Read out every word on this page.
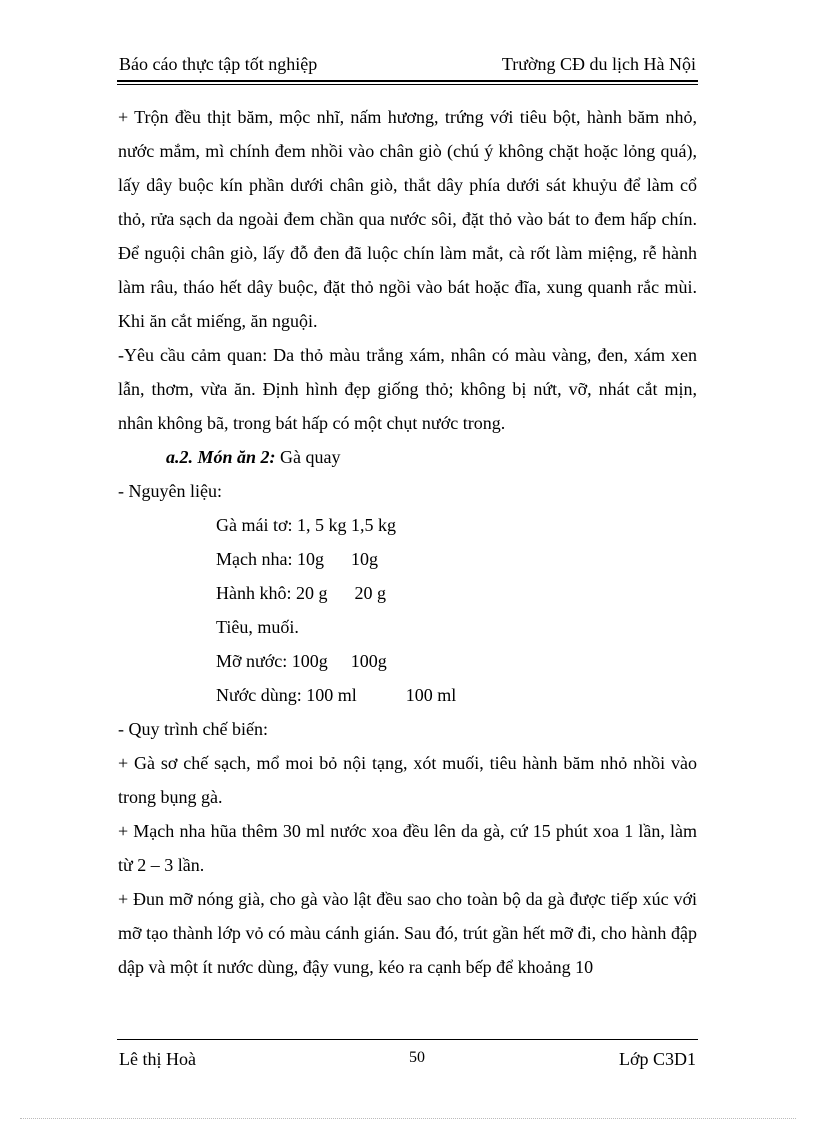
Báo cáo thực tập tốt nghiệp	Trường CĐ du lịch Hà Nội

+ Trộn đều thịt băm, mộc nhĩ, nấm hương, trứng với tiêu bột, hành băm nhỏ, nước mắm, mì chính đem nhồi vào chân giò (chú ý không chặt hoặc lỏng quá), lấy dây buộc kín phần dưới chân giò, thắt dây phía dưới sát khuỷu để làm cổ thỏ, rửa sạch da ngoài đem chần qua nước sôi, đặt thỏ vào bát to đem hấp chín. Để nguội chân giò, lấy đỗ đen đã luộc chín làm mắt, cà rốt làm miệng, rễ hành làm râu, tháo hết dây buộc, đặt thỏ ngồi vào bát hoặc đĩa, xung quanh rắc mùi. Khi ăn cắt miếng, ăn nguội.

-Yêu cầu cảm quan: Da thỏ màu trắng xám, nhân có màu vàng, đen, xám xen lẫn, thơm, vừa ăn. Định hình đẹp giống thỏ; không bị nứt, vỡ, nhát cắt mịn, nhân không bã, trong bát hấp có một chụt nước trong.

a.2. Món ăn 2: Gà quay

- Nguyên liệu:

Gà mái tơ: 1, 5 kg 1,5 kg

Mạch nha: 10g 10g

Hành khô: 20 g 20 g

Tiêu, muối.

Mỡ nước: 100g 100g

Nước dùng: 100 ml	100 ml

- Quy trình chế biến:

+ Gà sơ chế sạch, mổ moi bỏ nội tạng, xót muối, tiêu hành băm nhỏ nhồi vào trong bụng gà.

+ Mạch nha hũa thêm 30 ml nước xoa đều lên da gà, cứ 15 phút xoa 1 lần, làm từ 2 – 3 lần.

+ Đun mỡ nóng già, cho gà vào lật đều sao cho toàn bộ da gà được tiếp xúc với mỡ tạo thành lớp vỏ có màu cánh gián. Sau đó, trút gần hết mỡ đi, cho hành đập dập và một ít nước dùng, đậy vung, kéo ra cạnh bếp để khoảng 10

Lê thị Hoà	50	Lớp C3D1
